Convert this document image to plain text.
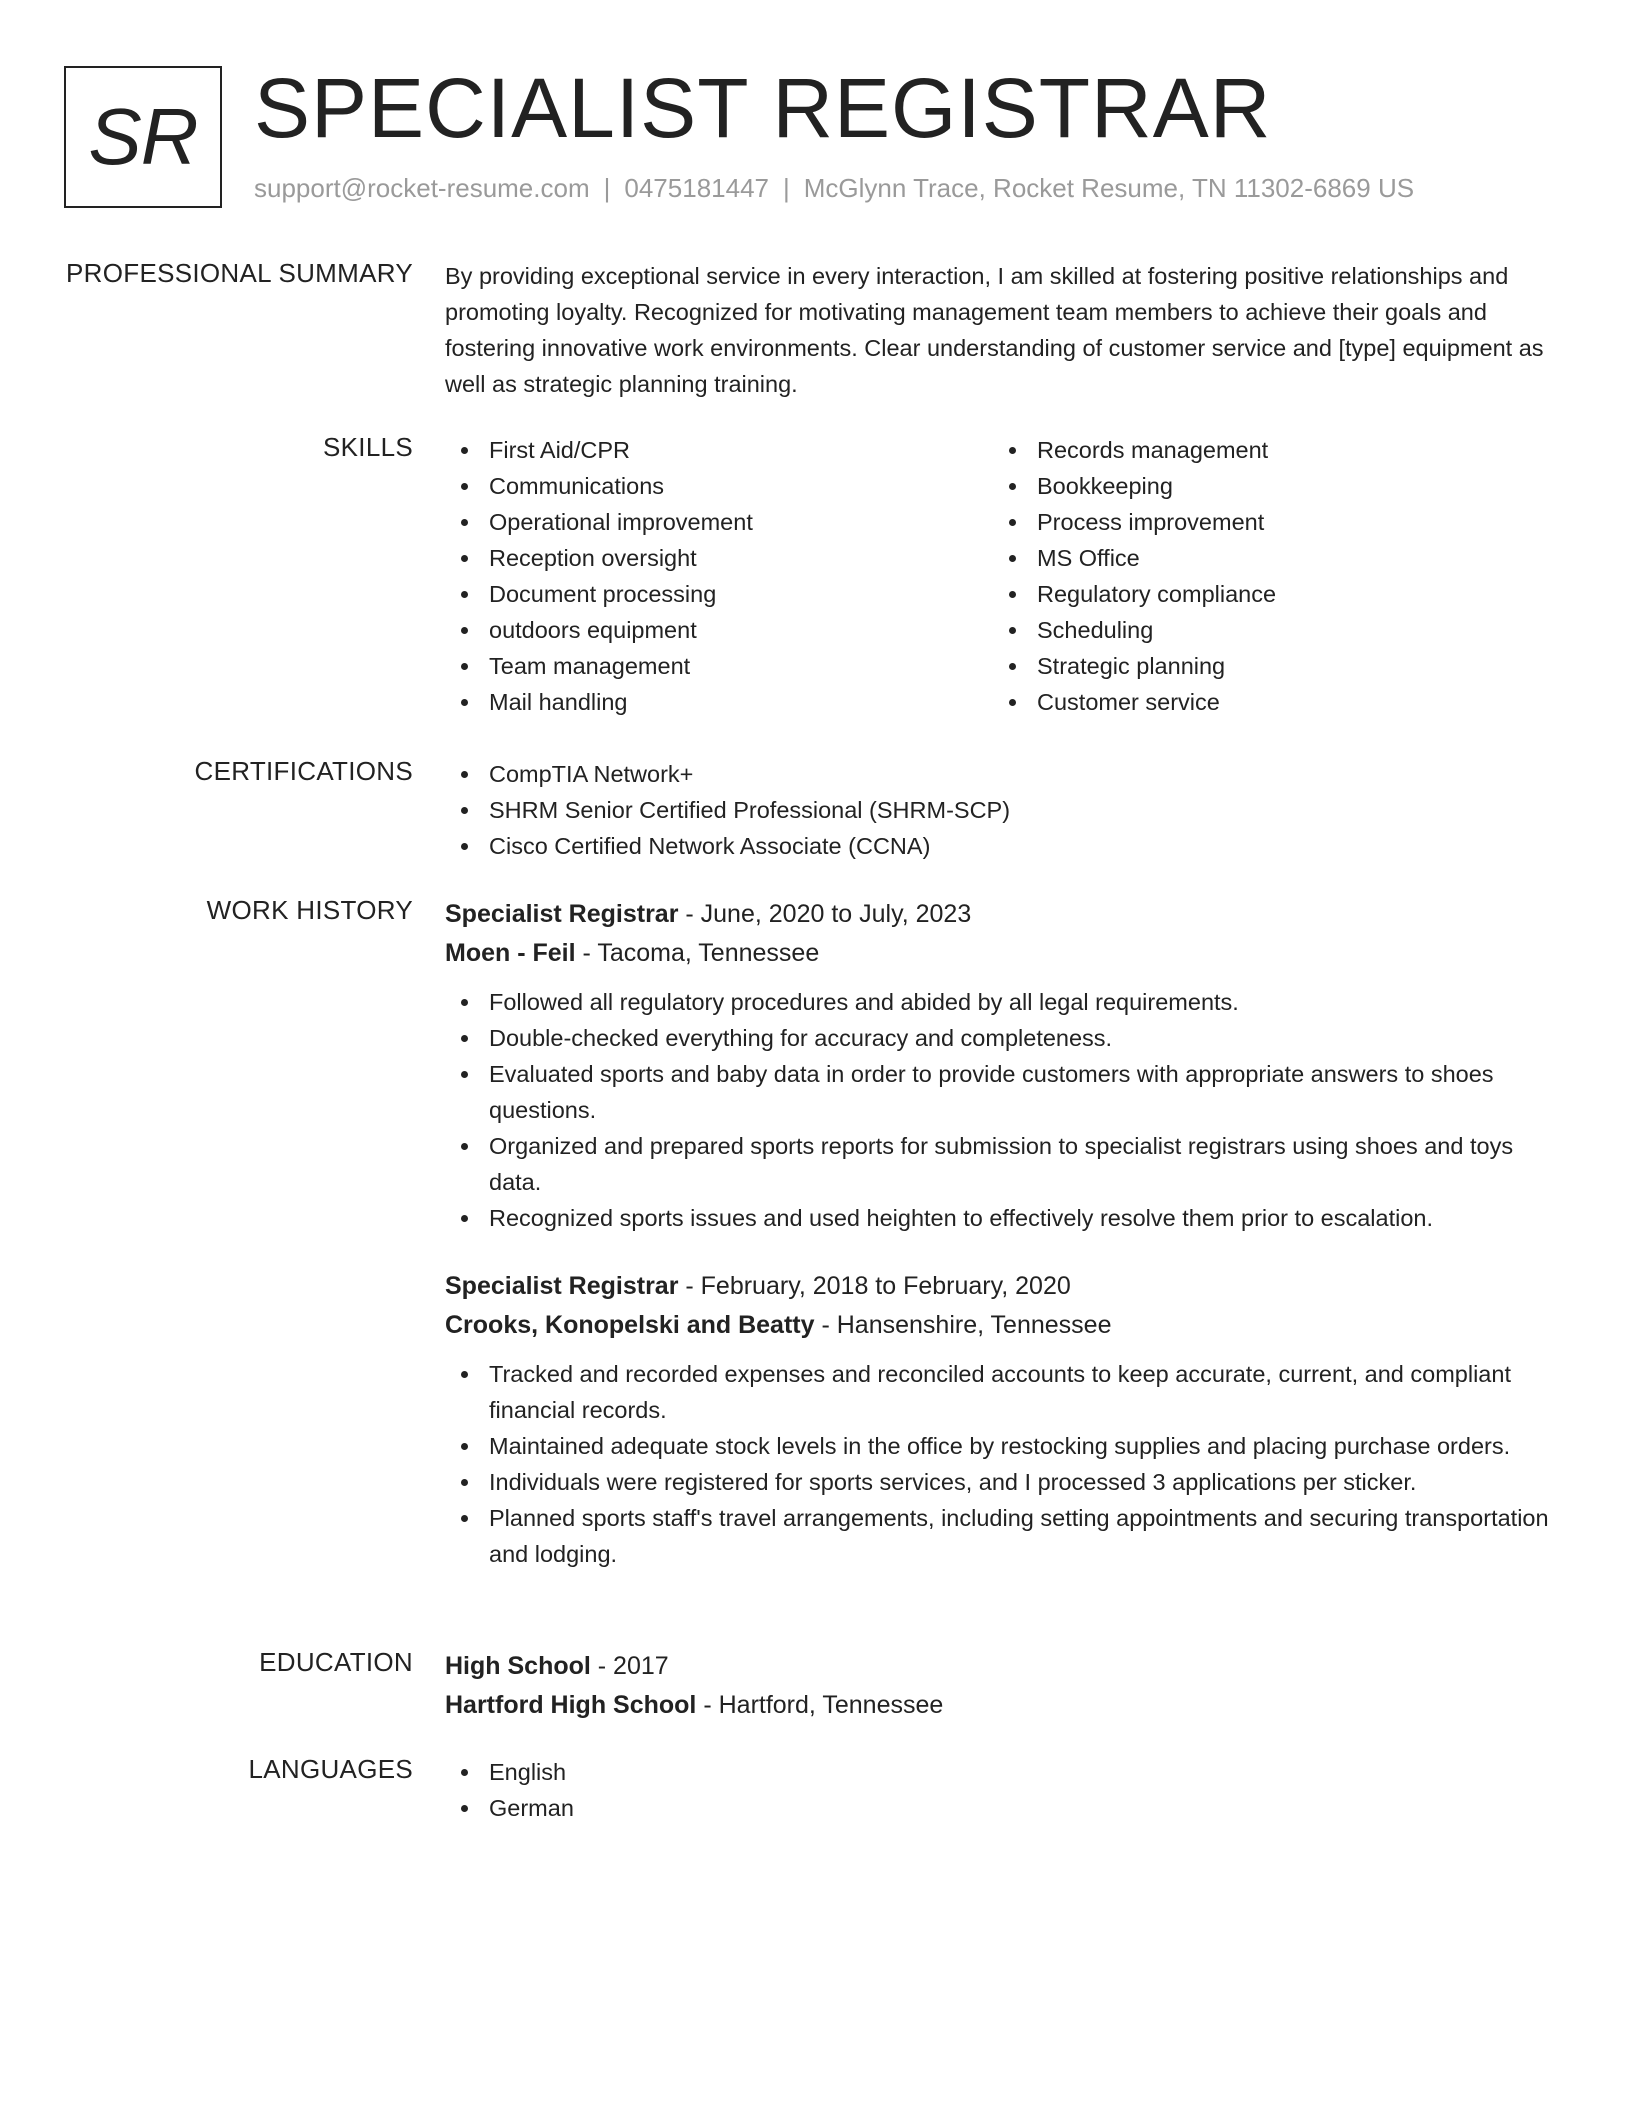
SR SPECIALIST REGISTRAR
support@rocket-resume.com | 0475181447 | McGlynn Trace, Rocket Resume, TN 11302-6869 US
PROFESSIONAL SUMMARY By providing exceptional service in every interaction, I am skilled at fostering positive relationships and promoting loyalty. Recognized for motivating management team members to achieve their goals and fostering innovative work environments. Clear understanding of customer service and [type] equipment as well as strategic planning training.
SKILLS	First Aid/CPR
Communications
Operational improvement
Reception oversight
Document processing
outdoors equipment
Team management
Mail handling
Records management
Bookkeeping
Process improvement
MS Office
Regulatory compliance
Scheduling
Strategic planning
Customer service
CERTIFICATIONS	CompTIA Network+
SHRM Senior Certified Professional (SHRM-SCP)
Cisco Certified Network Associate (CCNA)
WORK HISTORY Specialist Registrar - June, 2020 to July, 2023
Moen - Feil - Tacoma, Tennessee
Followed all regulatory procedures and abided by all legal requirements.
Double-checked everything for accuracy and completeness.
Evaluated sports and baby data in order to provide customers with appropriate answers to shoes questions.
Organized and prepared sports reports for submission to specialist registrars using shoes and toys data.
Recognized sports issues and used heighten to effectively resolve them prior to escalation.
Specialist Registrar - February, 2018 to February, 2020
Crooks, Konopelski and Beatty - Hansenshire, Tennessee
Tracked and recorded expenses and reconciled accounts to keep accurate, current, and compliant financial records.
Maintained adequate stock levels in the office by restocking supplies and placing purchase orders.
Individuals were registered for sports services, and I processed 3 applications per sticker.
Planned sports staff's travel arrangements, including setting appointments and securing transportation and lodging.
EDUCATION High School - 2017
Hartford High School - Hartford, Tennessee
LANGUAGES	English
German
